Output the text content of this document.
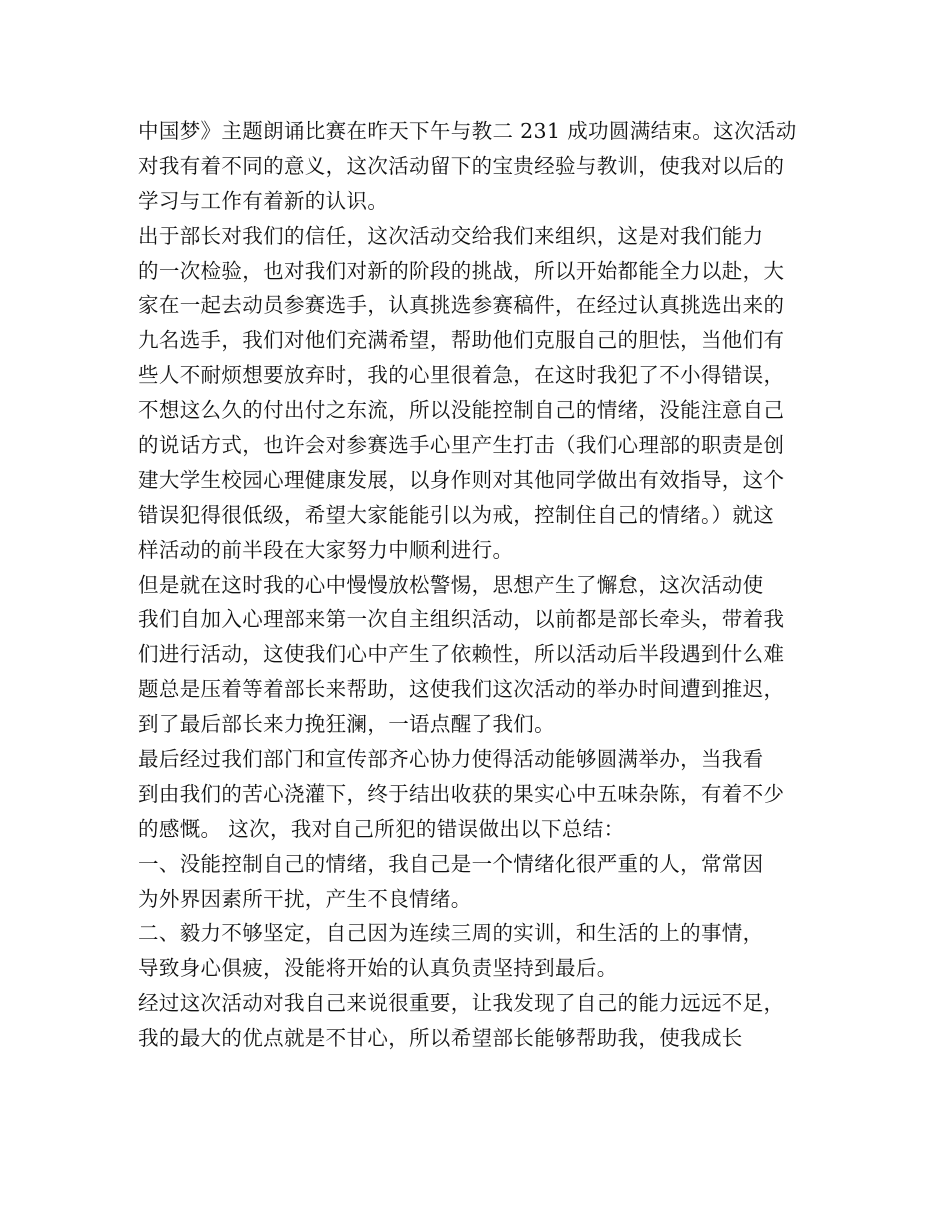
中国梦》主题朗诵比赛在昨天下午与教二 231 成功圆满结束。这次活动
对我有着不同的意义，这次活动留下的宝贵经验与教训，使我对以后的
学习与工作有着新的认识。
出于部长对我们的信任，这次活动交给我们来组织，这是对我们能力
的一次检验，也对我们对新的阶段的挑战，所以开始都能全力以赴，大
家在一起去动员参赛选手，认真挑选参赛稿件，在经过认真挑选出来的
九名选手，我们对他们充满希望，帮助他们克服自己的胆怯，当他们有
些人不耐烦想要放弃时，我的心里很着急，在这时我犯了不小得错误，
不想这么久的付出付之东流，所以没能控制自己的情绪，没能注意自己
的说话方式，也许会对参赛选手心里产生打击（我们心理部的职责是创
建大学生校园心理健康发展，以身作则对其他同学做出有效指导，这个
错误犯得很低级，希望大家能能引以为戒，控制住自己的情绪。）就这
样活动的前半段在大家努力中顺利进行。
但是就在这时我的心中慢慢放松警惕，思想产生了懈怠，这次活动使
我们自加入心理部来第一次自主组织活动，以前都是部长牵头，带着我
们进行活动，这使我们心中产生了依赖性，所以活动后半段遇到什么难
题总是压着等着部长来帮助，这使我们这次活动的举办时间遭到推迟，
到了最后部长来力挽狂澜，一语点醒了我们。
最后经过我们部门和宣传部齐心协力使得活动能够圆满举办，当我看
到由我们的苦心浇灌下，终于结出收获的果实心中五味杂陈，有着不少
的感慨。 这次，我对自己所犯的错误做出以下总结：
一、没能控制自己的情绪，我自己是一个情绪化很严重的人，常常因
为外界因素所干扰，产生不良情绪。
二、毅力不够坚定，自己因为连续三周的实训，和生活的上的事情，
导致身心俱疲，没能将开始的认真负责坚持到最后。
经过这次活动对我自己来说很重要，让我发现了自己的能力远远不足，
我的最大的优点就是不甘心，所以希望部长能够帮助我，使我成长
